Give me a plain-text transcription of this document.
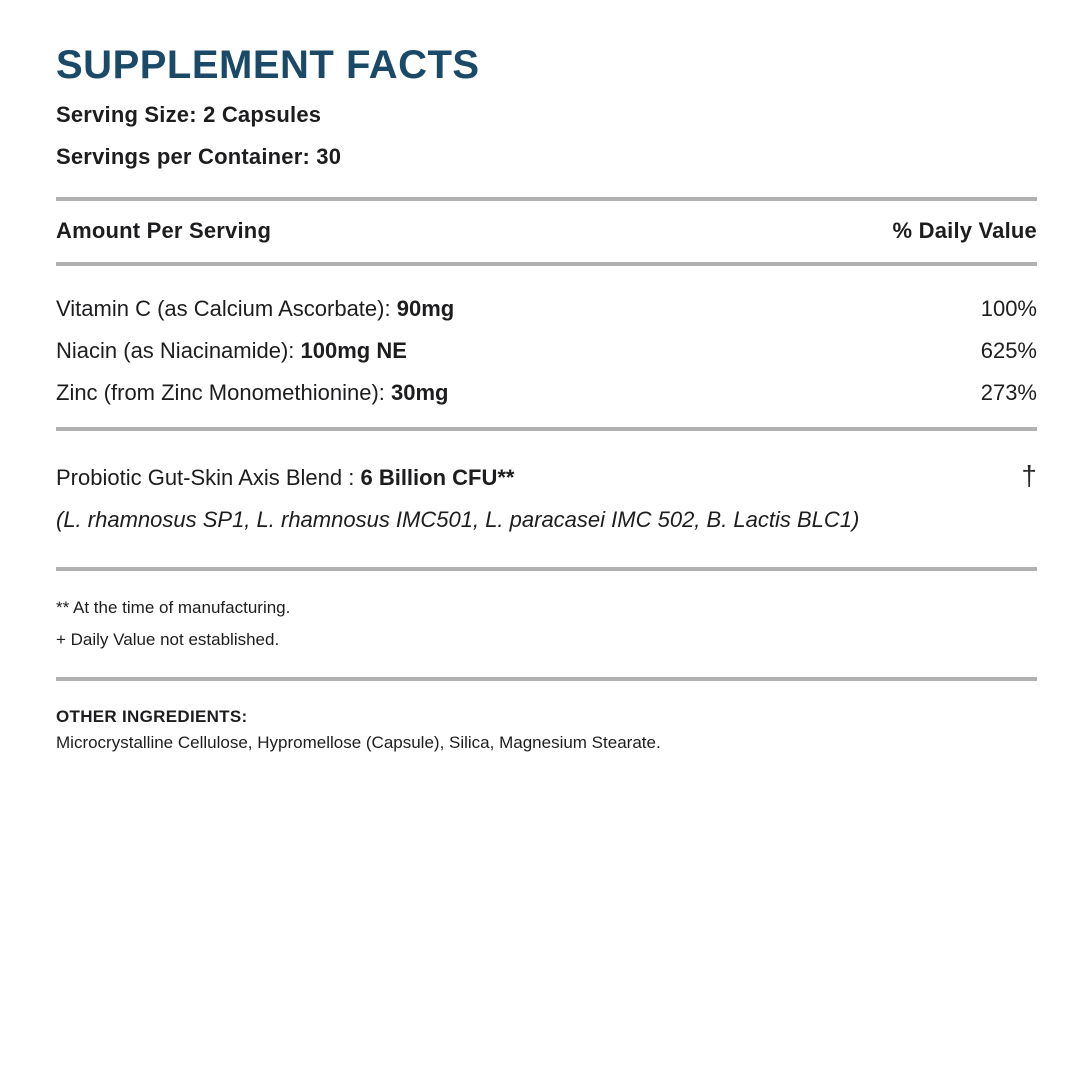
SUPPLEMENT FACTS
Serving Size: 2 Capsules
Servings per Container: 30
Amount Per Serving	% Daily Value
Vitamin C (as Calcium Ascorbate): 90mg	100%
Niacin (as Niacinamide): 100mg NE	625%
Zinc (from Zinc Monomethionine): 30mg	273%
Probiotic Gut-Skin Axis Blend : 6 Billion CFU**	†
(L. rhamnosus SP1, L. rhamnosus IMC501, L. paracasei IMC 502, B. Lactis BLC1)
** At the time of manufacturing.
+ Daily Value not established.
OTHER INGREDIENTS:
Microcrystalline Cellulose, Hypromellose (Capsule), Silica, Magnesium Stearate.
